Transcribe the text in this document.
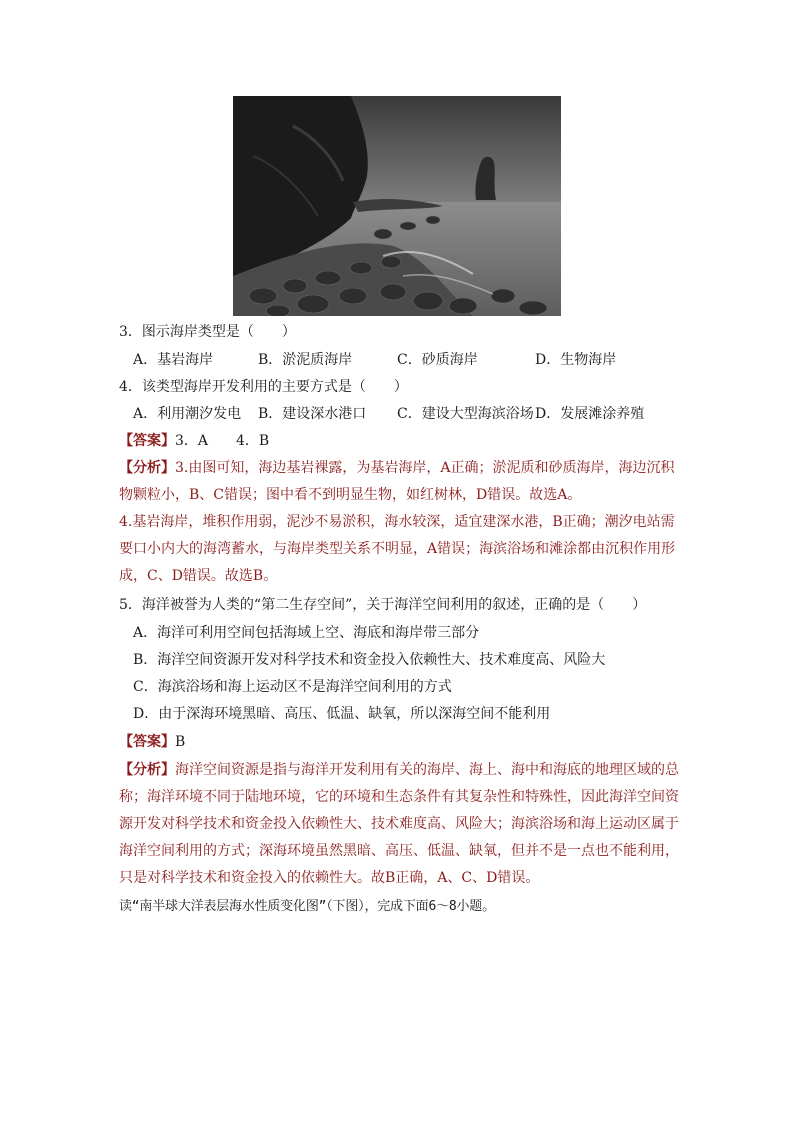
3．图示海岸类型是（　　）
A．基岩海岸	B．淤泥质海岸	C．砂质海岸	D．生物海岸
4．该类型海岸开发利用的主要方式是（　　）
A．利用潮汐发电 B．建设深水港口 C．建设大型海滨浴场 D．发展滩涂养殖
【答案】3．A　　4．B
【分析】3.由图可知，海边基岩裸露，为基岩海岸，A正确；淤泥质和砂质海岸，海边沉积
物颗粒小，B、C错误；图中看不到明显生物，如红树林，D错误。故选A。
4.基岩海岸，堆积作用弱，泥沙不易淤积，海水较深，适宜建深水港，B正确；潮汐电站需
要口小内大的海湾蓄水，与海岸类型关系不明显，A错误；海滨浴场和滩涂都由沉积作用形
成，C、D错误。故选B。
5．海洋被誉为人类的“第二生存空间”，关于海洋空间利用的叙述，正确的是（　　）
A．海洋可利用空间包括海域上空、海底和海岸带三部分
B．海洋空间资源开发对科学技术和资金投入依赖性大、技术难度高、风险大
C．海滨浴场和海上运动区不是海洋空间利用的方式
D．由于深海环境黑暗、高压、低温、缺氧，所以深海空间不能利用
【答案】B
【分析】海洋空间资源是指与海洋开发利用有关的海岸、海上、海中和海底的地理区域的总
称；海洋环境不同于陆地环境，它的环境和生态条件有其复杂性和特殊性，因此海洋空间资
源开发对科学技术和资金投入依赖性大、技术难度高、风险大；海滨浴场和海上运动区属于
海洋空间利用的方式；深海环境虽然黑暗、高压、低温、缺氧，但并不是一点也不能利用，
只是对科学技术和资金投入的依赖性大。故B正确，A、C、D错误。
读“南半球大洋表层海水性质变化图”（下图），完成下面6～8小题。
